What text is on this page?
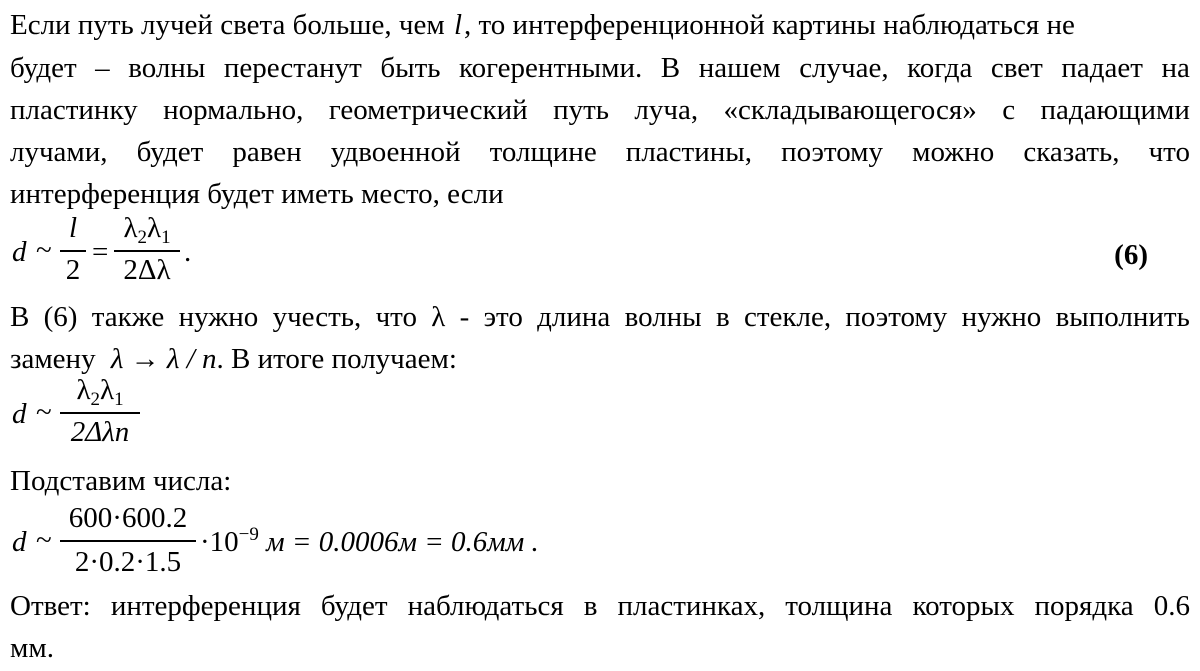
Если путь лучей света больше, чем l, то интерференционной картины наблюдаться не
будет – волны перестанут быть когерентными. В нашем случае, когда свет падает на
пластинку нормально, геометрический путь луча, «складывающегося» с падающими
лучами, будет равен удвоенной толщине пластины, поэтому можно сказать, что
интерференция будет иметь место, если
d ~
l
2
=
$\lambda_2\lambda_1$
2Δλ
.	(6)
В (6) также нужно учесть, что λ - это длина волны в стекле, поэтому нужно выполнить
замену λ → λ / n. В итоге получаем:
d ~
$\lambda_2\lambda_1$
2Δλn
Подставим числа:
d ~
600·600.2
2·0.2·1.5
$\cdot 10^{-9}$ м = 0.0006м = 0.6мм .
Ответ: интерференция будет наблюдаться в пластинках, толщина которых порядка 0.6
мм.
